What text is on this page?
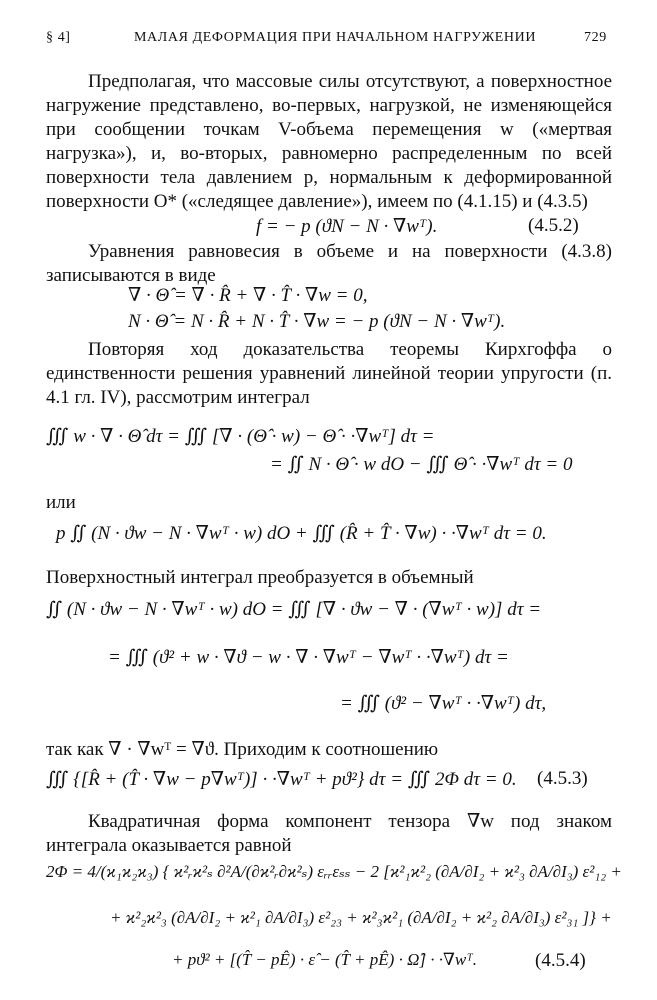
§ 4]	МАЛАЯ ДЕФОРМАЦИЯ ПРИ НАЧАЛЬНОМ НАГРУЖЕНИИ	729
Предполагая, что массовые силы отсутствуют, а поверхностное нагружение представлено, во-первых, нагрузкой, не изменяющейся при сообщении точкам V-объема перемещения w («мертвая нагрузка»), и, во-вторых, равномерно распределенным по всей поверхности тела давлением p, нормальным к деформированной поверхности O* («следящее давление»), имеем по (4.1.15) и (4.3.5)
f = − p (ϑN − N · ∇wᵀ).	(4.5.2)
Уравнения равновесия в объеме и на поверхности (4.3.8) записываются в виде
∇ · Θ̂ = ∇ · R̂ + ∇ · T̂ · ∇w = 0,
N · Θ̂ = N · R̂ + N · T̂ · ∇w = − p (ϑN − N · ∇wᵀ).
Повторяя ход доказательства теоремы Кирхгоффа о единственности решения уравнений линейной теории упругости (п. 4.1 гл. IV), рассмотрим интеграл
∭ w · ∇ · Θ̂ dτ = ∭ [∇ · (Θ̂ · w) − Θ̂ · ·∇wᵀ] dτ =
= ∬ N · Θ̂ · w dO − ∭ Θ̂ · ·∇wᵀ dτ = 0
или
p ∬ (N · ϑw − N · ∇wᵀ · w) dO + ∭ (R̂ + T̂ · ∇w) · ·∇wᵀ dτ = 0.
Поверхностный интеграл преобразуется в объемный
∬ (N · ϑw − N · ∇wᵀ · w) dO = ∭ [∇ · ϑw − ∇ · (∇wᵀ · w)] dτ =
= ∭ (ϑ² + w · ∇ϑ − w · ∇ · ∇wᵀ − ∇wᵀ · ·∇wᵀ) dτ =
= ∭ (ϑ² − ∇wᵀ · ·∇wᵀ) dτ,
так как ∇ · ∇wᵀ = ∇ϑ. Приходим к соотношению
∭ {[R̂ + (T̂ · ∇w − p∇wᵀ)] · ·∇wᵀ + pϑ²} dτ = ∭ 2Φ dτ = 0. (4.5.3)
Квадратичная форма компонент тензора ∇w под знаком интеграла оказывается равной
2Φ = 4/(ϰ₁ϰ₂ϰ₃) { ϰ²ᵣϰ²ₛ ∂²A/(∂ϰ²ᵣ∂ϰ²ₛ) εᵣᵣεₛₛ − 2 [ϰ²₁ϰ²₂ (∂A/∂I₂ + ϰ²₃ ∂A/∂I₃) ε²₁₂ +
+ ϰ²₂ϰ²₃ (∂A/∂I₂ + ϰ²₁ ∂A/∂I₃) ε²₂₃ + ϰ²₃ϰ²₁ (∂A/∂I₂ + ϰ²₂ ∂A/∂I₃) ε²₃₁ ]} +
+ pϑ² + [(T̂ − pÊ) · ε̂ − (T̂ + pÊ) · Ω̂] · ·∇wᵀ.	(4.5.4)
